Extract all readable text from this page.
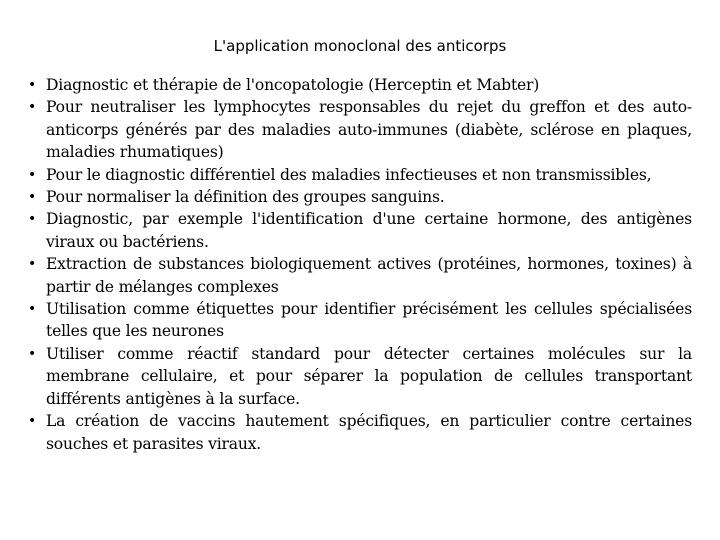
L'application monoclonal des anticorps
• Diagnostic et thérapie de l'oncopatologie (Herceptin et Mabter)
• Pour neutraliser les lymphocytes responsables du rejet du greffon et des auto-anticorps générés par des maladies auto-immunes (diabète, sclérose en plaques, maladies rhumatiques)
• Pour le diagnostic différentiel des maladies infectieuses et non transmissibles,
• Pour normaliser la définition des groupes sanguins.
• Diagnostic, par exemple l'identification d'une certaine hormone, des antigènes viraux ou bactériens.
• Extraction de substances biologiquement actives (protéines, hormones, toxines) à partir de mélanges complexes
• Utilisation comme étiquettes pour identifier précisément les cellules spécialisées telles que les neurones
• Utiliser comme réactif standard pour détecter certaines molécules sur la membrane cellulaire, et pour séparer la population de cellules transportant différents antigènes à la surface.
• La création de vaccins hautement spécifiques, en particulier contre certaines souches et parasites viraux.
